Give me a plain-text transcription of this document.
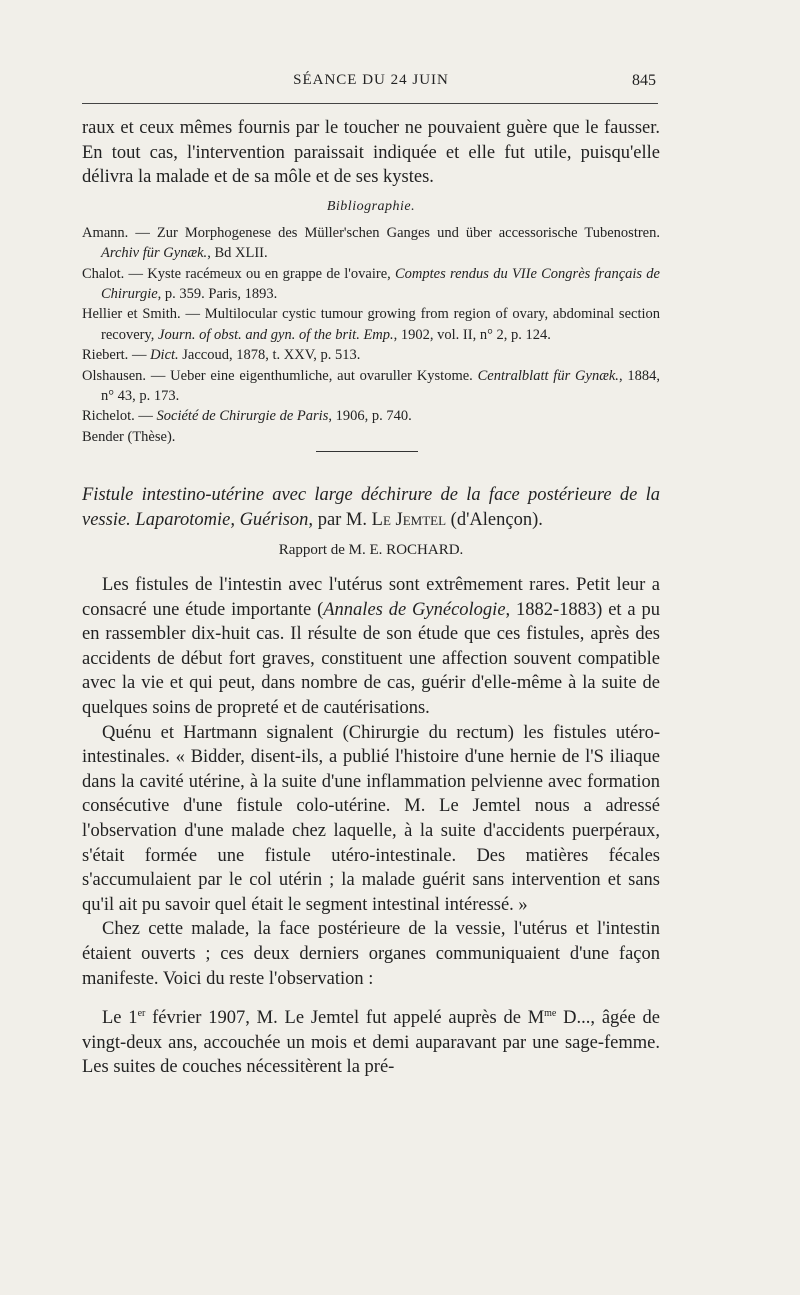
SÉANCE DU 24 JUIN	845

raux et ceux mêmes fournis par le toucher ne pouvaient guère que le fausser. En tout cas, l'intervention paraissait indiquée et elle fut utile, puisqu'elle délivra la malade et de sa môle et de ses kystes.

Bibliographie.

Amann. — Zur Morphogenese des Müller'schen Ganges und über accessorische Tubenostren. Archiv für Gynæk., Bd XLII.

Chalot. — Kyste racémeux ou en grappe de l'ovaire, Comptes rendus du VIIe Congrès français de Chirurgie, p. 359. Paris, 1893.

Hellier et Smith. — Multilocular cystic tumour growing from region of ovary, abdominal section recovery, Journ. of obst. and gyn. of the brit. Emp., 1902, vol. II, n° 2, p. 124.

Riebert. — Dict. Jaccoud, 1878, t. XXV, p. 513.

Olshausen. — Ueber eine eigenthumliche, aut ovaruller Kystome. Centralblatt für Gynæk., 1884, n° 43, p. 173.

Richelot. — Société de Chirurgie de Paris, 1906, p. 740.

Bender (Thèse).

Fistule intestino-utérine avec large déchirure de la face postérieure de la vessie. Laparotomie, Guérison, par M. Le Jemtel (d'Alençon).

Rapport de M. E. ROCHARD.

Les fistules de l'intestin avec l'utérus sont extrêmement rares. Petit leur a consacré une étude importante (Annales de Gynécologie, 1882-1883) et a pu en rassembler dix-huit cas. Il résulte de son étude que ces fistules, après des accidents de début fort graves, constituent une affection souvent compatible avec la vie et qui peut, dans nombre de cas, guérir d'elle-même à la suite de quelques soins de propreté et de cautérisations.

Quénu et Hartmann signalent (Chirurgie du rectum) les fistules utéro-intestinales. « Bidder, disent-ils, a publié l'histoire d'une hernie de l'S iliaque dans la cavité utérine, à la suite d'une inflammation pelvienne avec formation consécutive d'une fistule colo-utérine. M. Le Jemtel nous a adressé l'observation d'une malade chez laquelle, à la suite d'accidents puerpéraux, s'était formée une fistule utéro-intestinale. Des matières fécales s'accumulaient par le col utérin ; la malade guérit sans intervention et sans qu'il ait pu savoir quel était le segment intestinal intéressé. »

Chez cette malade, la face postérieure de la vessie, l'utérus et l'intestin étaient ouverts ; ces deux derniers organes communiquaient d'une façon manifeste. Voici du reste l'observation :

Le 1er février 1907, M. Le Jemtel fut appelé auprès de $M^{me}$ D..., âgée de vingt-deux ans, accouchée un mois et demi auparavant par une sage-femme. Les suites de couches nécessitèrent la pré-
